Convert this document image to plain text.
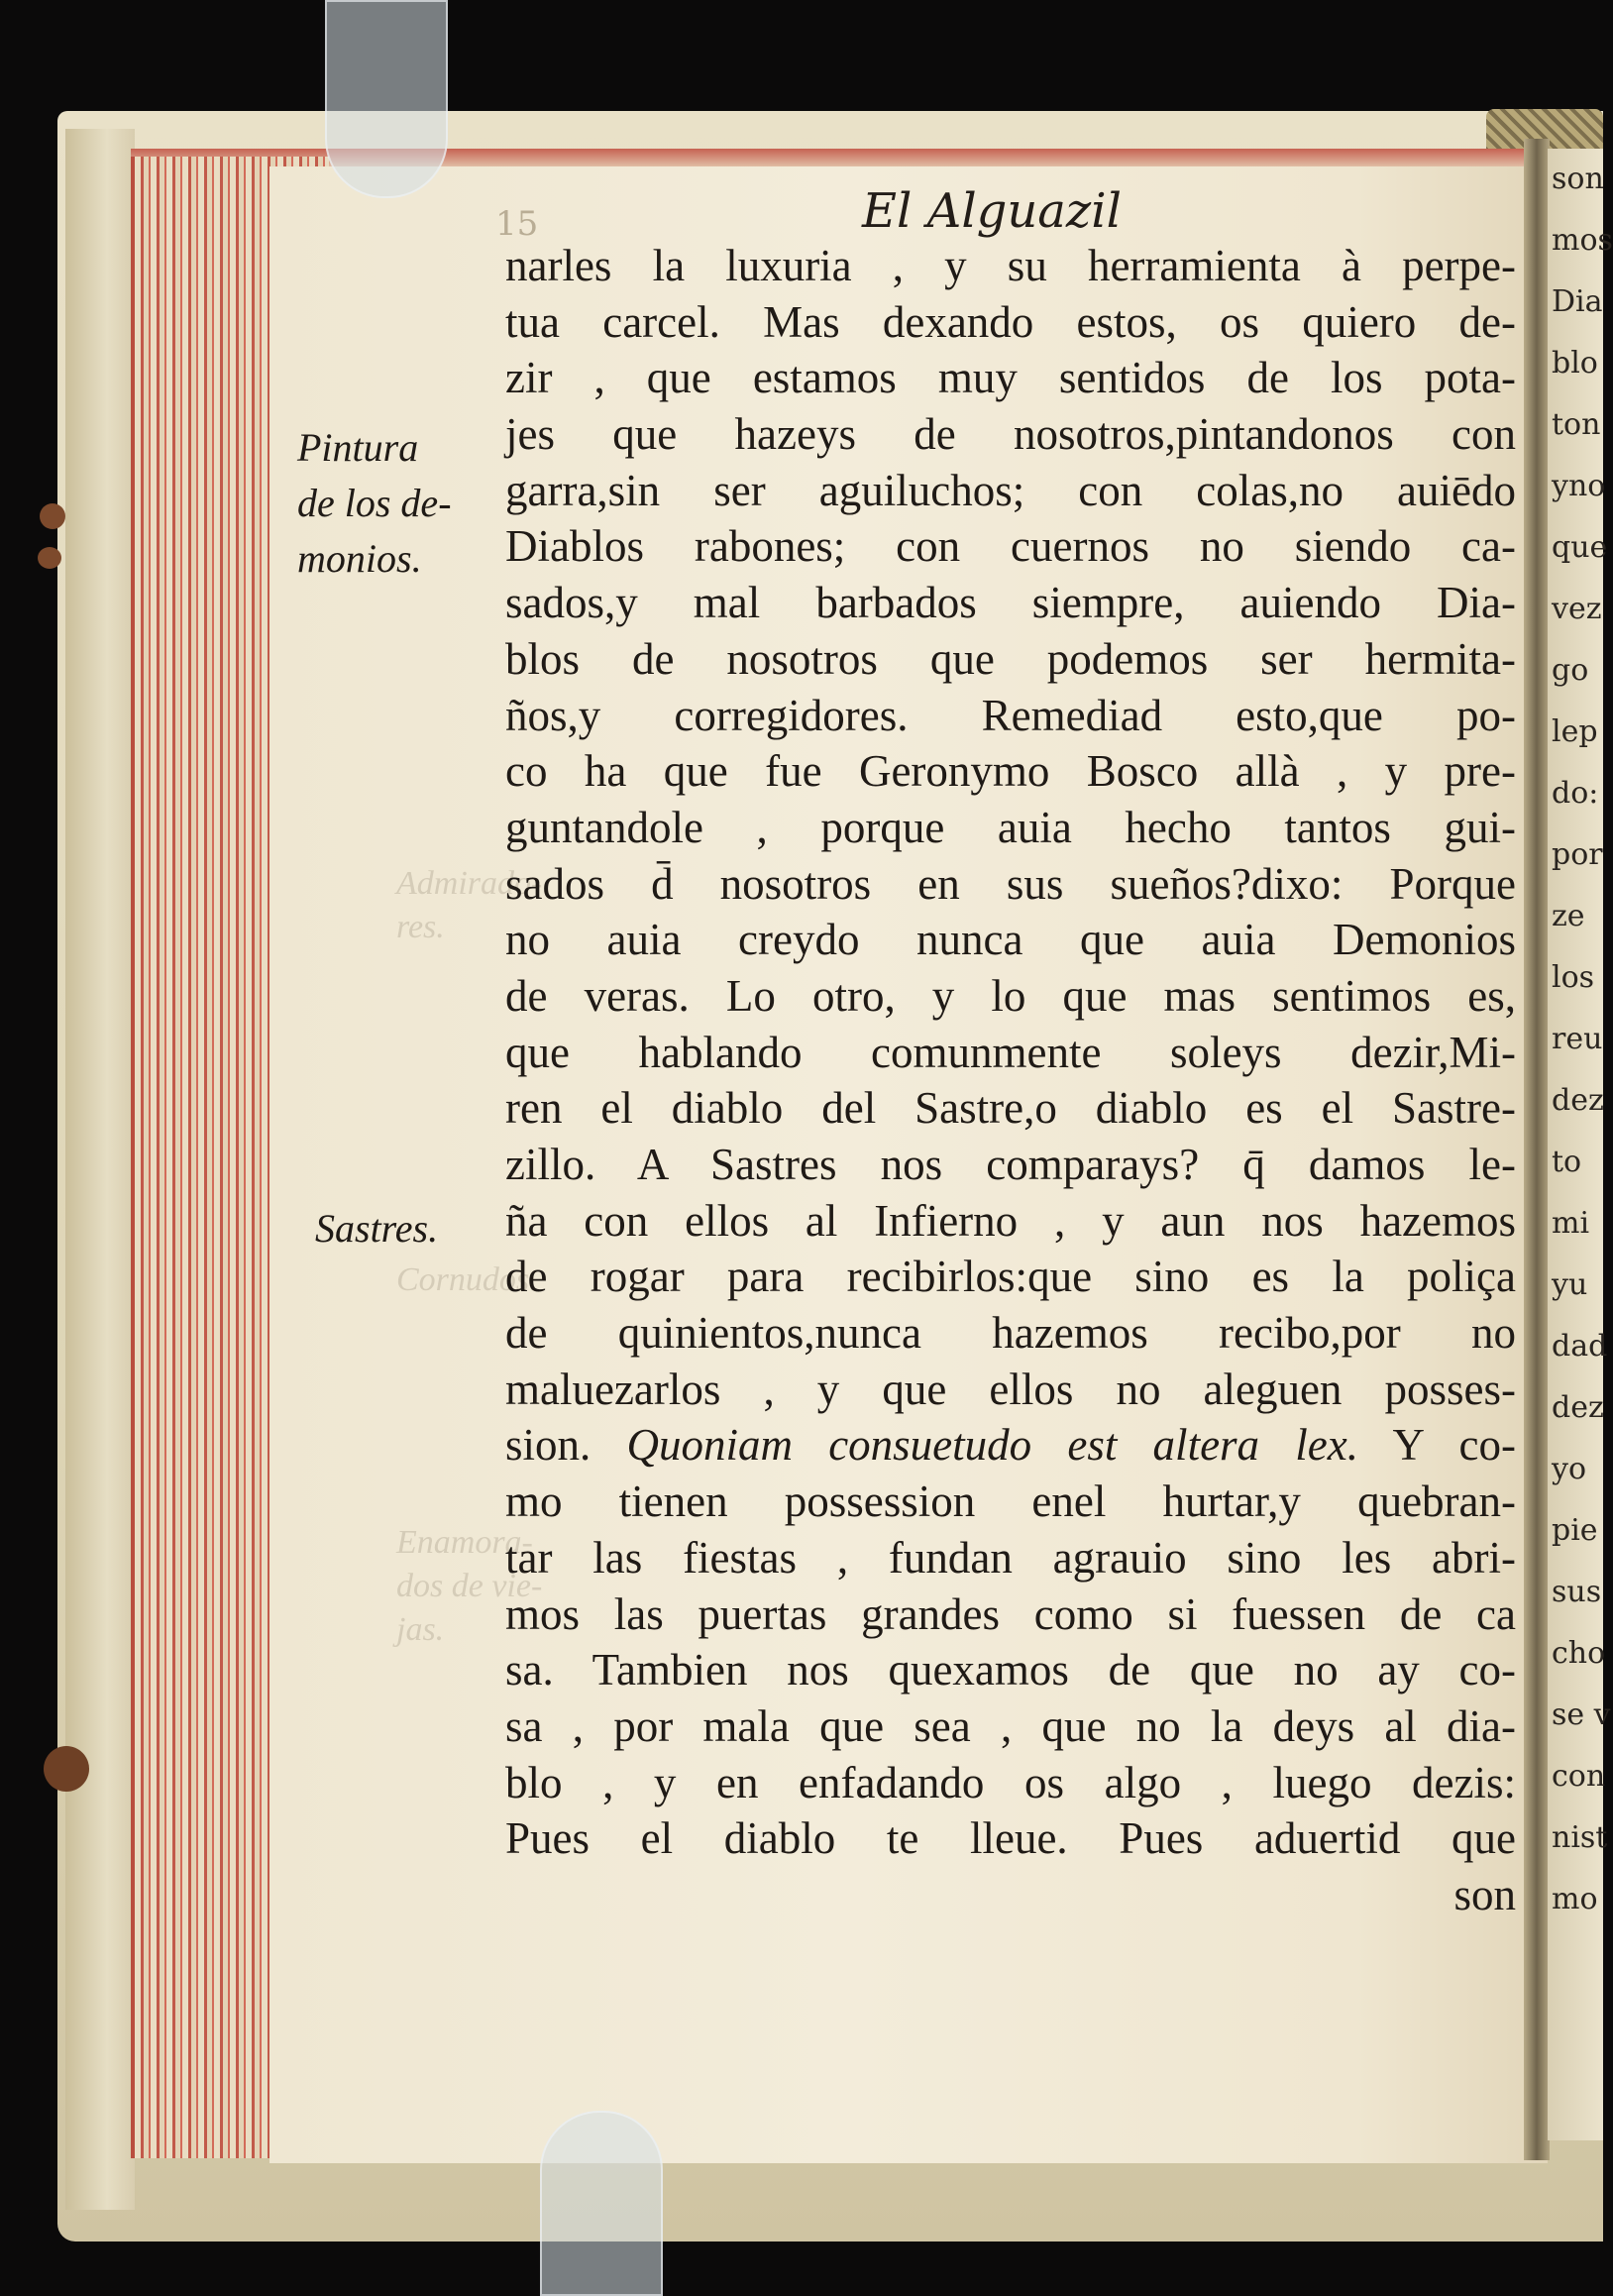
son
mos
Dia
blo
ton
yno
que
vez
go
lep
do:
por
ze
los
reu
dez
to
mi
yu
dad
dez
yo
pie
sus
cho
se v
con
nist
mo
Admirado-
res.
Cornudos.
Enamora-
dos de vie-
jas.
15	El Alguazil
Pintura
de los de-
monios.
Sastres.
narles la luxuria , y su herramienta à perpe-
tua carcel. Mas dexando estos, os quiero de-
zir , que estamos muy sentidos de los pota-
jes que hazeys de nosotros,pintandonos con
garra,sin ser aguiluchos; con colas,no auiēdo
Diablos rabones; con cuernos no siendo ca-
sados,y mal barbados siempre, auiendo Dia-
blos de nosotros que podemos ser hermita-
ños,y corregidores. Remediad esto,que po-
co ha que fue Geronymo Bosco allà , y pre-
guntandole , porque auia hecho tantos gui-
sados d̄ nosotros en sus sueños?dixo: Porque
no auia creydo nunca que auia Demonios
de veras. Lo otro, y lo que mas sentimos es,
que hablando comunmente soleys dezir,Mi-
ren el diablo del Sastre,o diablo es el Sastre-
zillo. A Sastres nos comparays? q̄ damos le-
ña con ellos al Infierno , y aun nos hazemos
de rogar para recibirlos:que sino es la poliça
de quinientos,nunca hazemos recibo,por no
maluezarlos , y que ellos no aleguen posses-
sion. Quoniam consuetudo est altera lex. Y co-
mo tienen possession enel hurtar,y quebran-
tar las fiestas , fundan agrauio sino les abri-
mos las puertas grandes como si fuessen de ca
sa. Tambien nos quexamos de que no ay co-
sa , por mala que sea , que no la deys al dia-
blo , y en enfadando os algo , luego dezis:
Pues el diablo te lleue. Pues aduertid que
son
